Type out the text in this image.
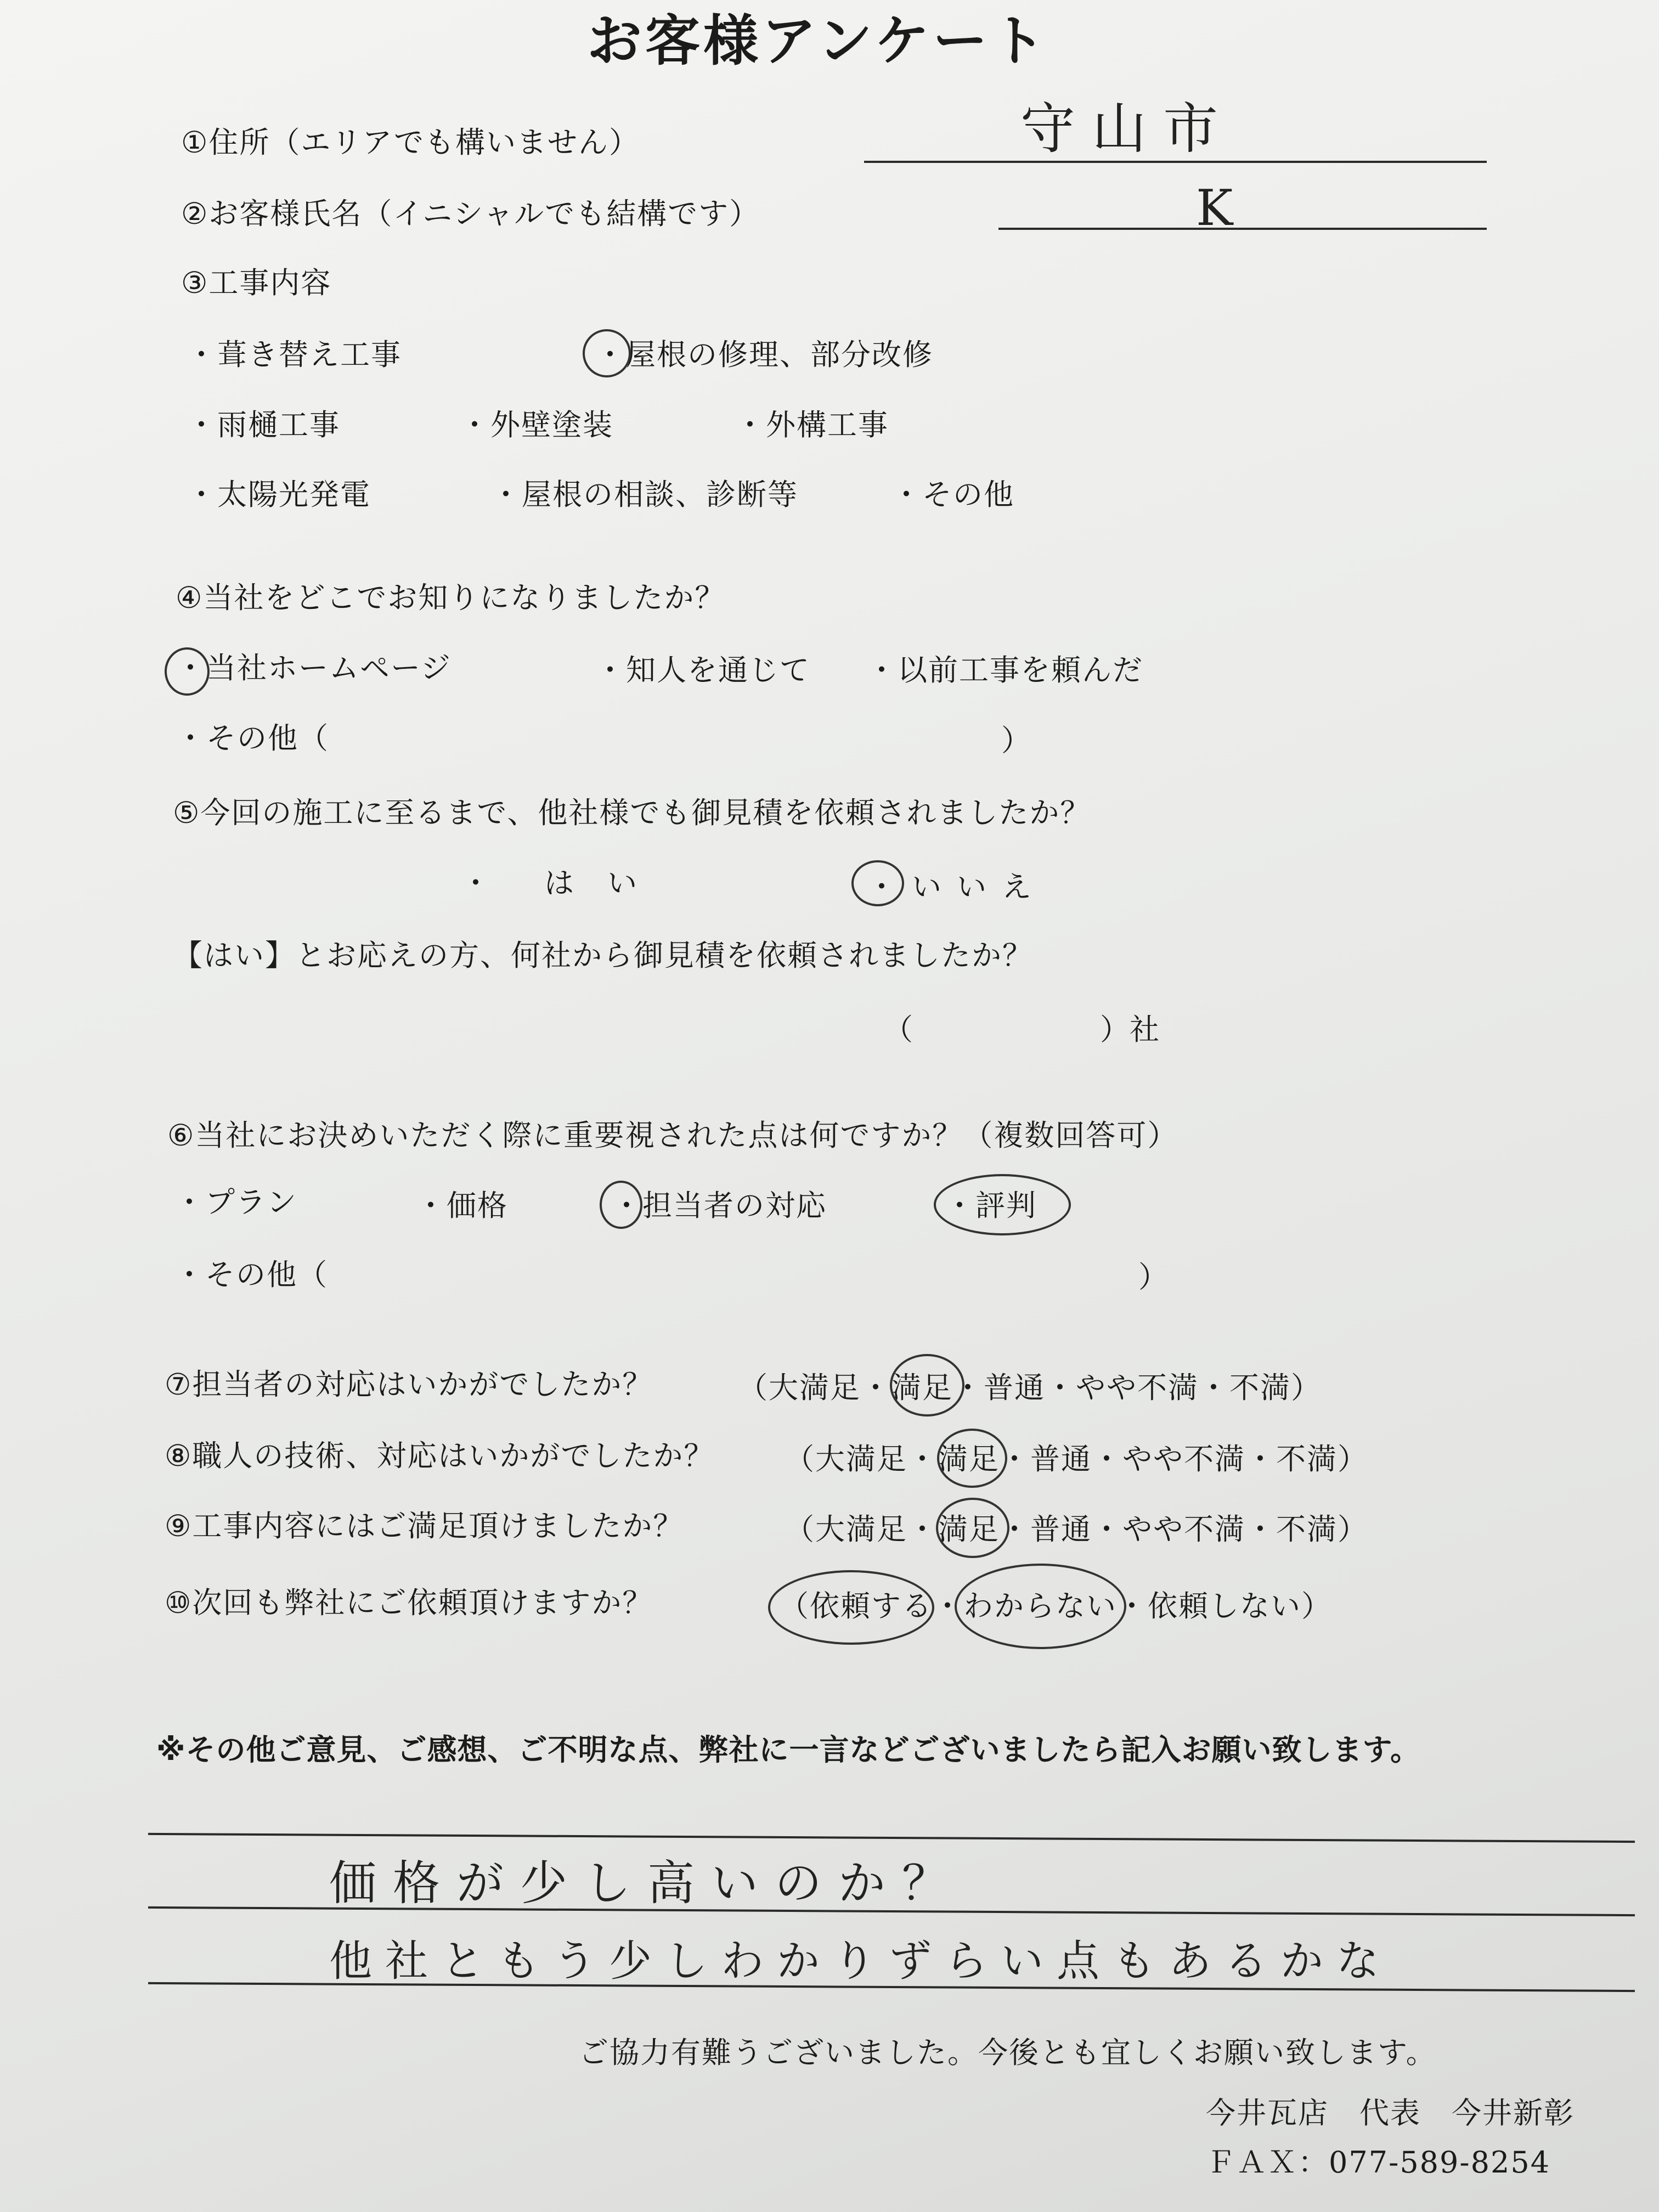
お客様アンケート
①住所（エリアでも構いません）	守山市
②お客様氏名（イニシャルでも結構です）	K
③工事内容
・葺き替え工事	・屋根の修理、部分改修
・雨樋工事	・外壁塗装	・外構工事
・太陽光発電	・屋根の相談、診断等	・その他
④当社をどこでお知りになりましたか？
・当社ホームページ	・知人を通じて ・以前工事を頼んだ
・その他（	）
⑤今回の施工に至るまで、他社様でも御見積を依頼されましたか？
・　は い	・いいえ
【はい】とお応えの方、何社から御見積を依頼されましたか？
（	）社
⑥当社にお決めいただく際に重要視された点は何ですか？（複数回答可）
・プラン	・価格	・担当者の対応	・評判
・その他（	）
⑦担当者の対応はいかがでしたか？	（大満足・満足・普通・やや不満・不満）
⑧職人の技術、対応はいかがでしたか？ （大満足・満足・普通・やや不満・不満）
⑨工事内容にはご満足頂けましたか？	（大満足・満足・普通・やや不満・不満）
⑩次回も弊社にご依頼頂けますか？	（依頼する・わからない・依頼しない）
※その他ご意見、ご感想、ご不明な点、弊社に一言などございましたら記入お願い致します。
価格が少し高いのか？
他社ともう少しわかりずらい点もあるかな
ご協力有難うございました。今後とも宜しくお願い致します。
今井瓦店　代表　今井新彰
ＦＡＸ：077-589-8254
